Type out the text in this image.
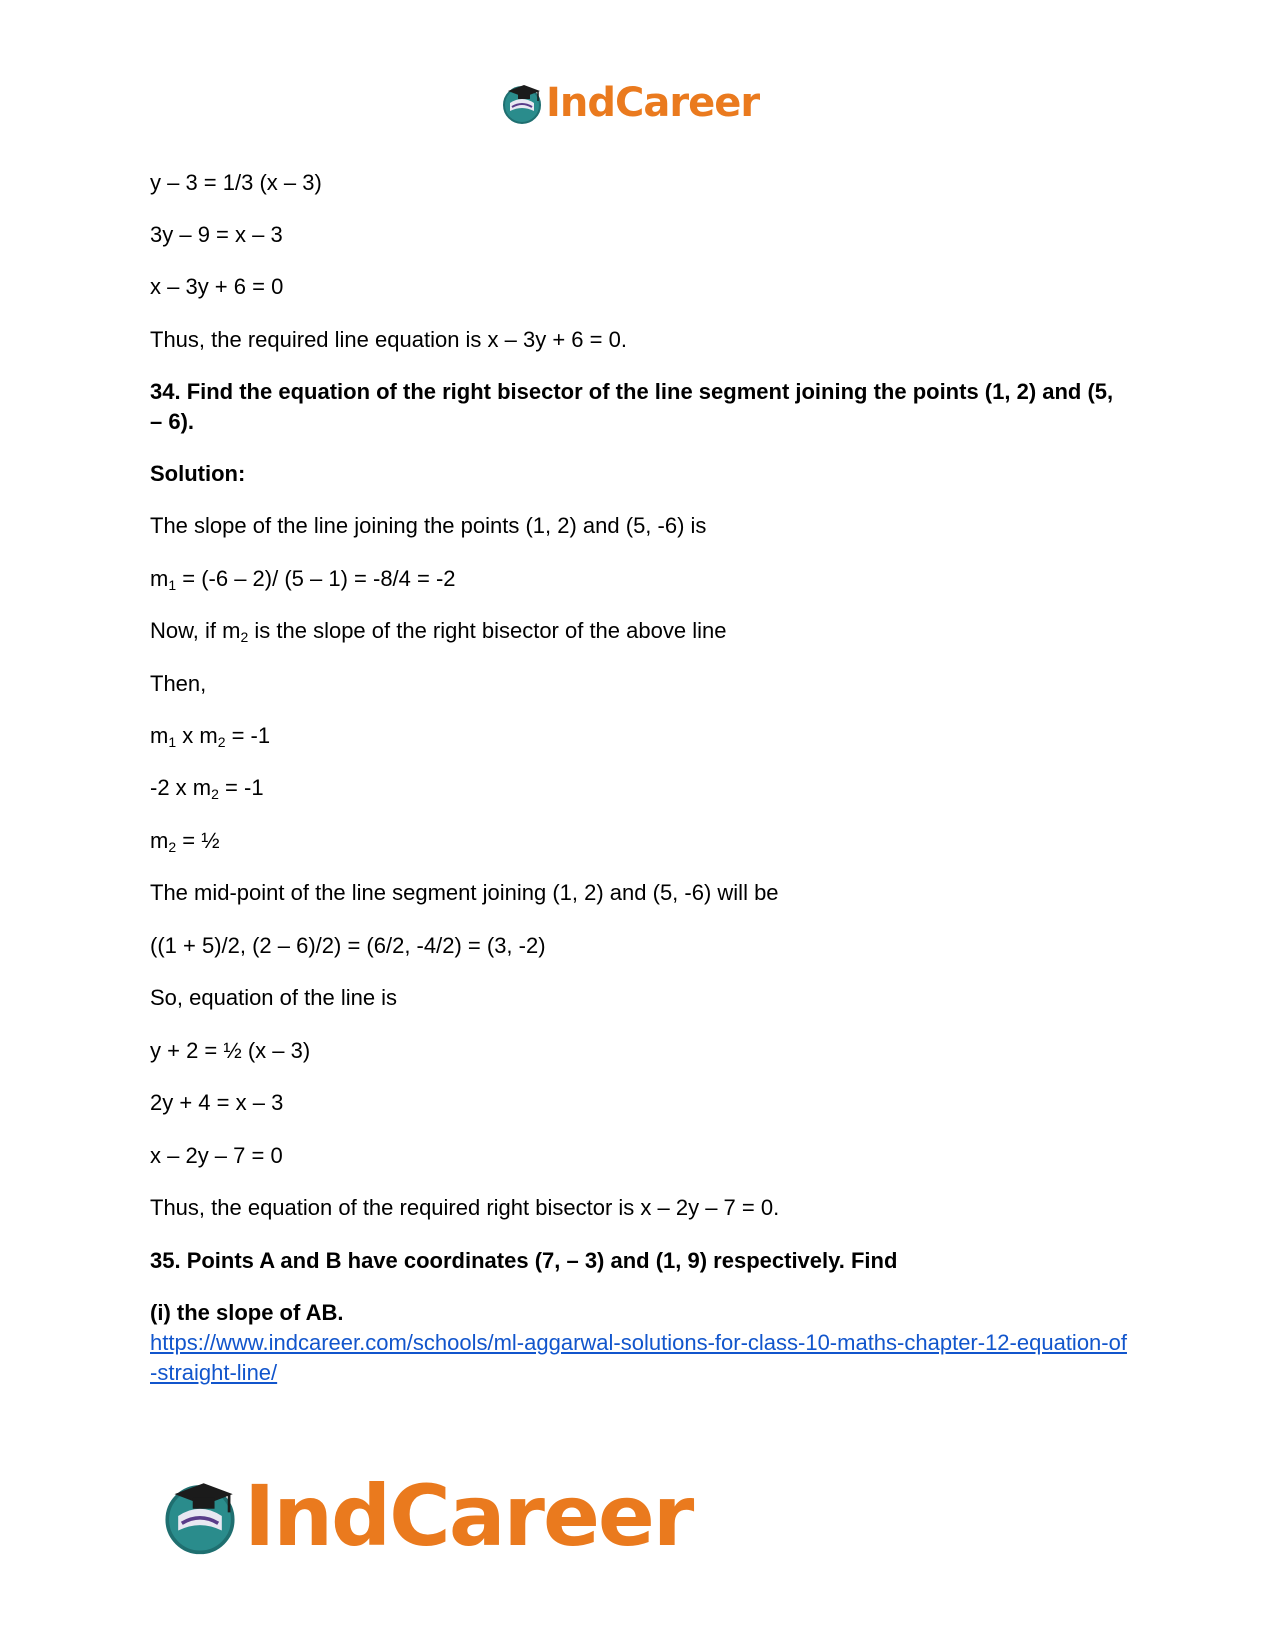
IndCareer
y – 3 = 1/3 (x – 3)
3y – 9 = x – 3
x – 3y + 6 = 0
Thus, the required line equation is x – 3y + 6 = 0.
34. Find the equation of the right bisector of the line segment joining the points (1, 2) and (5, – 6).
Solution:
The slope of the line joining the points (1, 2) and (5, -6) is
$m_1 = (-6 - 2)/$ (5 – 1) = -8/4 = -2
Now, if $m_2$ is the slope of the right bisector of the above line
Then,
$m_1$ x $m_2 = -1$
-2 x $m_2 = -1$
$m_2$ = ½
The mid-point of the line segment joining (1, 2) and (5, -6) will be
((1 + 5)/2, (2 – 6)/2) = (6/2, -4/2) = (3, -2)
So, equation of the line is
y + 2 = ½ (x – 3)
2y + 4 = x – 3
x – 2y – 7 = 0
Thus, the equation of the required right bisector is x – 2y – 7 = 0.
35. Points A and B have coordinates (7, – 3) and (1, 9) respectively. Find
(i) the slope of AB.
https://www.indcareer.com/schools/ml-aggarwal-solutions-for-class-10-maths-chapter-12-equation-of-straight-line/
IndCareer
